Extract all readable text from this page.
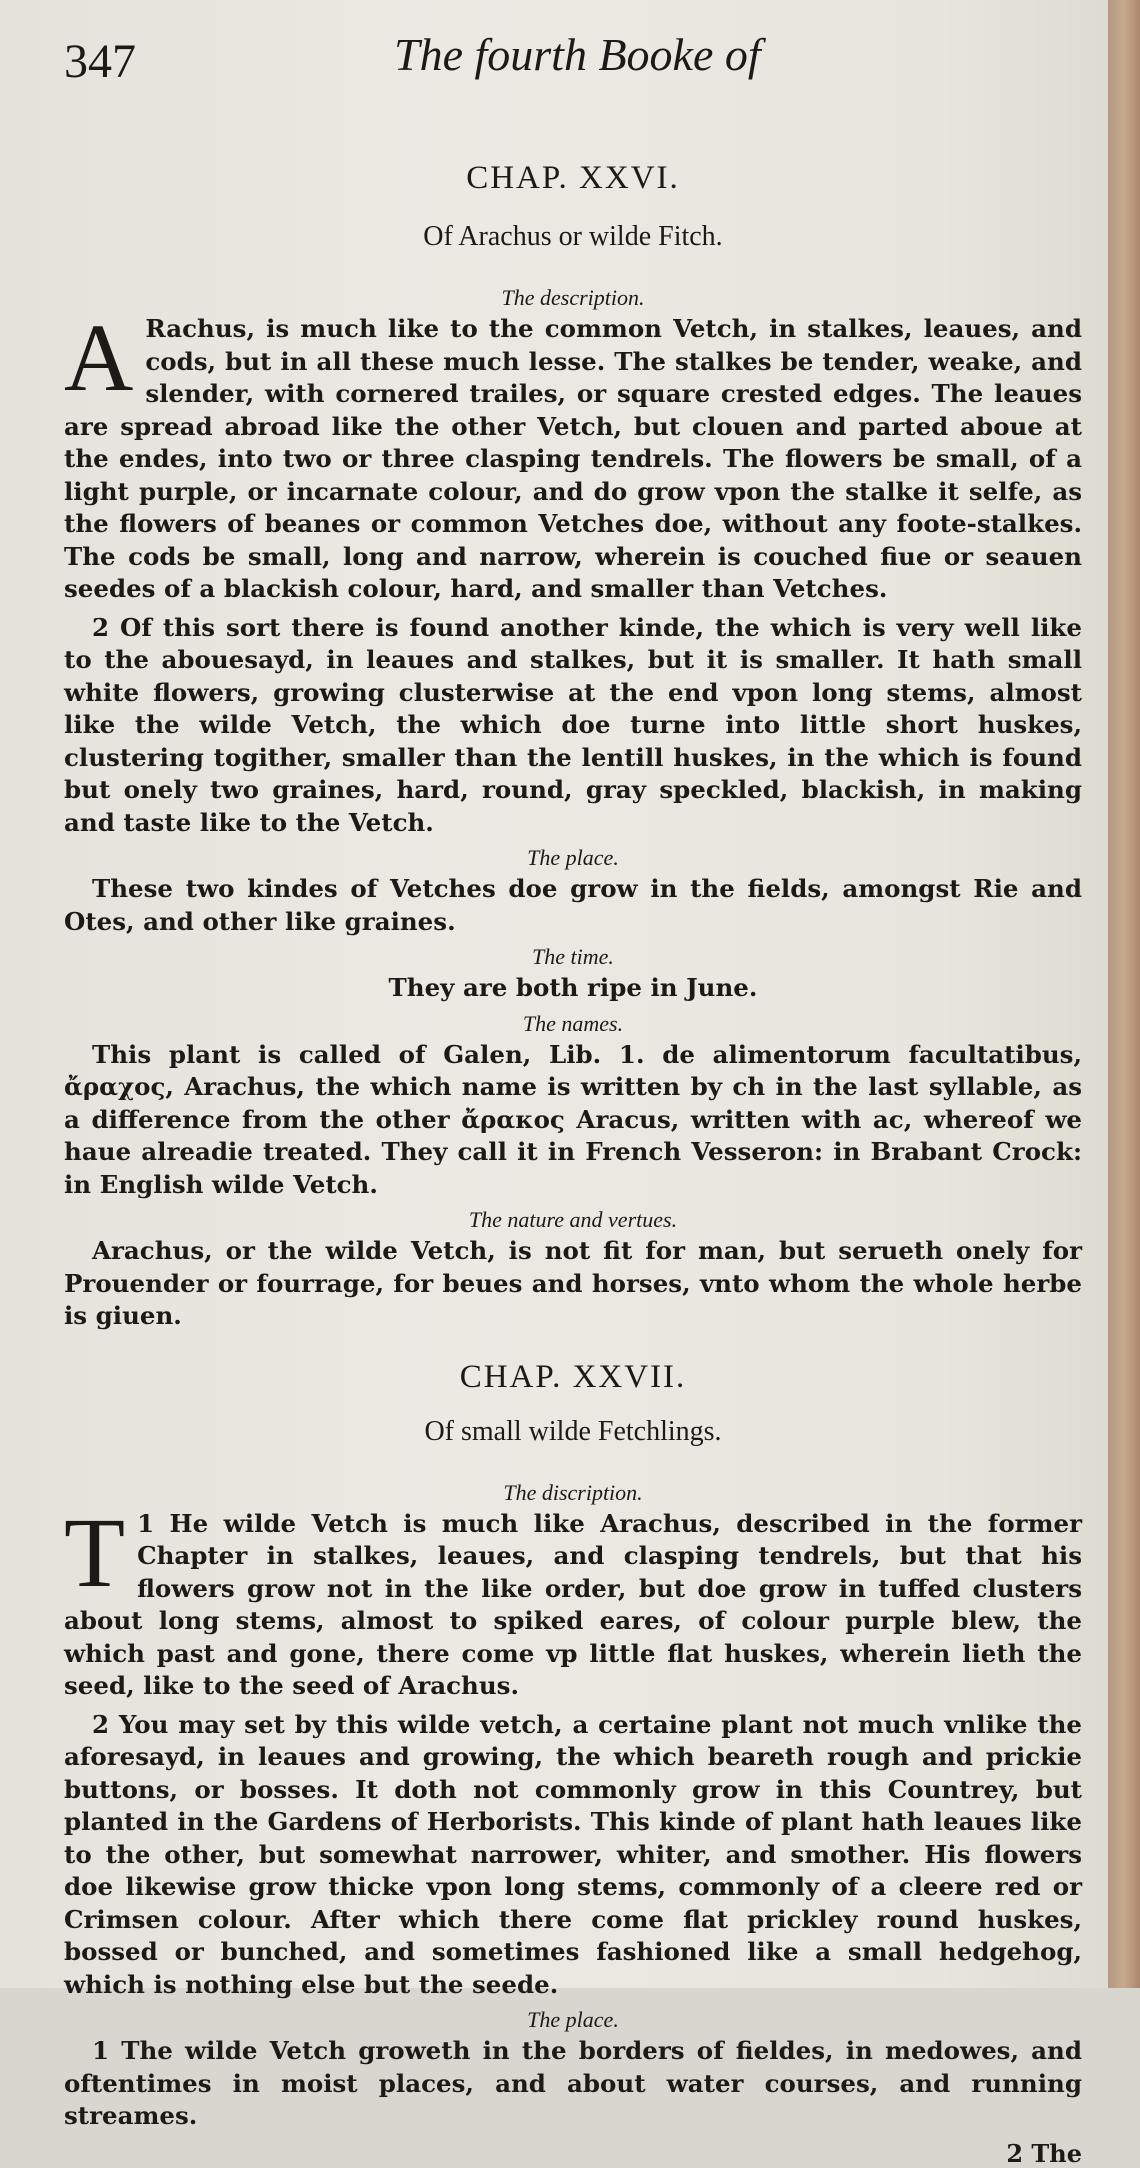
347	The fourth Booke of
CHAP. XXVI.
Of Arachus or wilde Fitch.
The description.
A Rachus, is much like to the common Vetch, in stalkes, leaues, and cods, but in all these much lesse. The stalkes be tender, weake, and slender, with cornered trailes, or square crested edges. The leaues are spread abroad like the other Vetch, but clouen and parted aboue at the endes, into two or three clasping tendrels. The flowers be small, of a light purple, or incarnate colour, and do grow vpon the stalke it selfe, as the flowers of beanes or common Vetches doe, without any foote-stalkes. The cods be small, long and narrow, wherein is couched fiue or seauen seedes of a blackish colour, hard, and smaller than Vetches.
2 Of this sort there is found another kinde, the which is very well like to the abouesayd, in leaues and stalkes, but it is smaller. It hath small white flowers, growing clusterwise at the end vpon long stems, almost like the wilde Vetch, the which doe turne into little short huskes, clustering togither, smaller than the lentill huskes, in the which is found but onely two graines, hard, round, gray speckled, blackish, in making and taste like to the Vetch.
The place.
These two kindes of Vetches doe grow in the fields, amongst Rie and Otes, and other like graines.
The time.
They are both ripe in June.
The names.
This plant is called of Galen, Lib. 1. de alimentorum facultatibus, ἄραχος, Arachus, the which name is written by ch in the last syllable, as a difference from the other ἄρακος Aracus, written with ac, whereof we haue alreadie treated. They call it in French Vesseron: in Brabant Crock: in English wilde Vetch.
The nature and vertues.
Arachus, or the wilde Vetch, is not fit for man, but serueth onely for Prouender or fourrage, for beues and horses, vnto whom the whole herbe is giuen.
CHAP. XXVII.
Of small wilde Fetchlings.
The discription.
T 1 He wilde Vetch is much like Arachus, described in the former Chapter in stalkes, leaues, and clasping tendrels, but that his flowers grow not in the like order, but doe grow in tuffed clusters about long stems, almost to spiked eares, of colour purple blew, the which past and gone, there come vp little flat huskes, wherein lieth the seed, like to the seed of Arachus.
2 You may set by this wilde vetch, a certaine plant not much vnlike the aforesayd, in leaues and growing, the which beareth rough and prickie buttons, or bosses. It doth not commonly grow in this Countrey, but planted in the Gardens of Herborists. This kinde of plant hath leaues like to the other, but somewhat narrower, whiter, and smother. His flowers doe likewise grow thicke vpon long stems, commonly of a cleere red or Crimsen colour. After which there come flat prickley round huskes, bossed or bunched, and sometimes fashioned like a small hedgehog, which is nothing else but the seede.
The place.
1 The wilde Vetch groweth in the borders of fieldes, in medowes, and oftentimes in moist places, and about water courses, and running streames.
2 The
